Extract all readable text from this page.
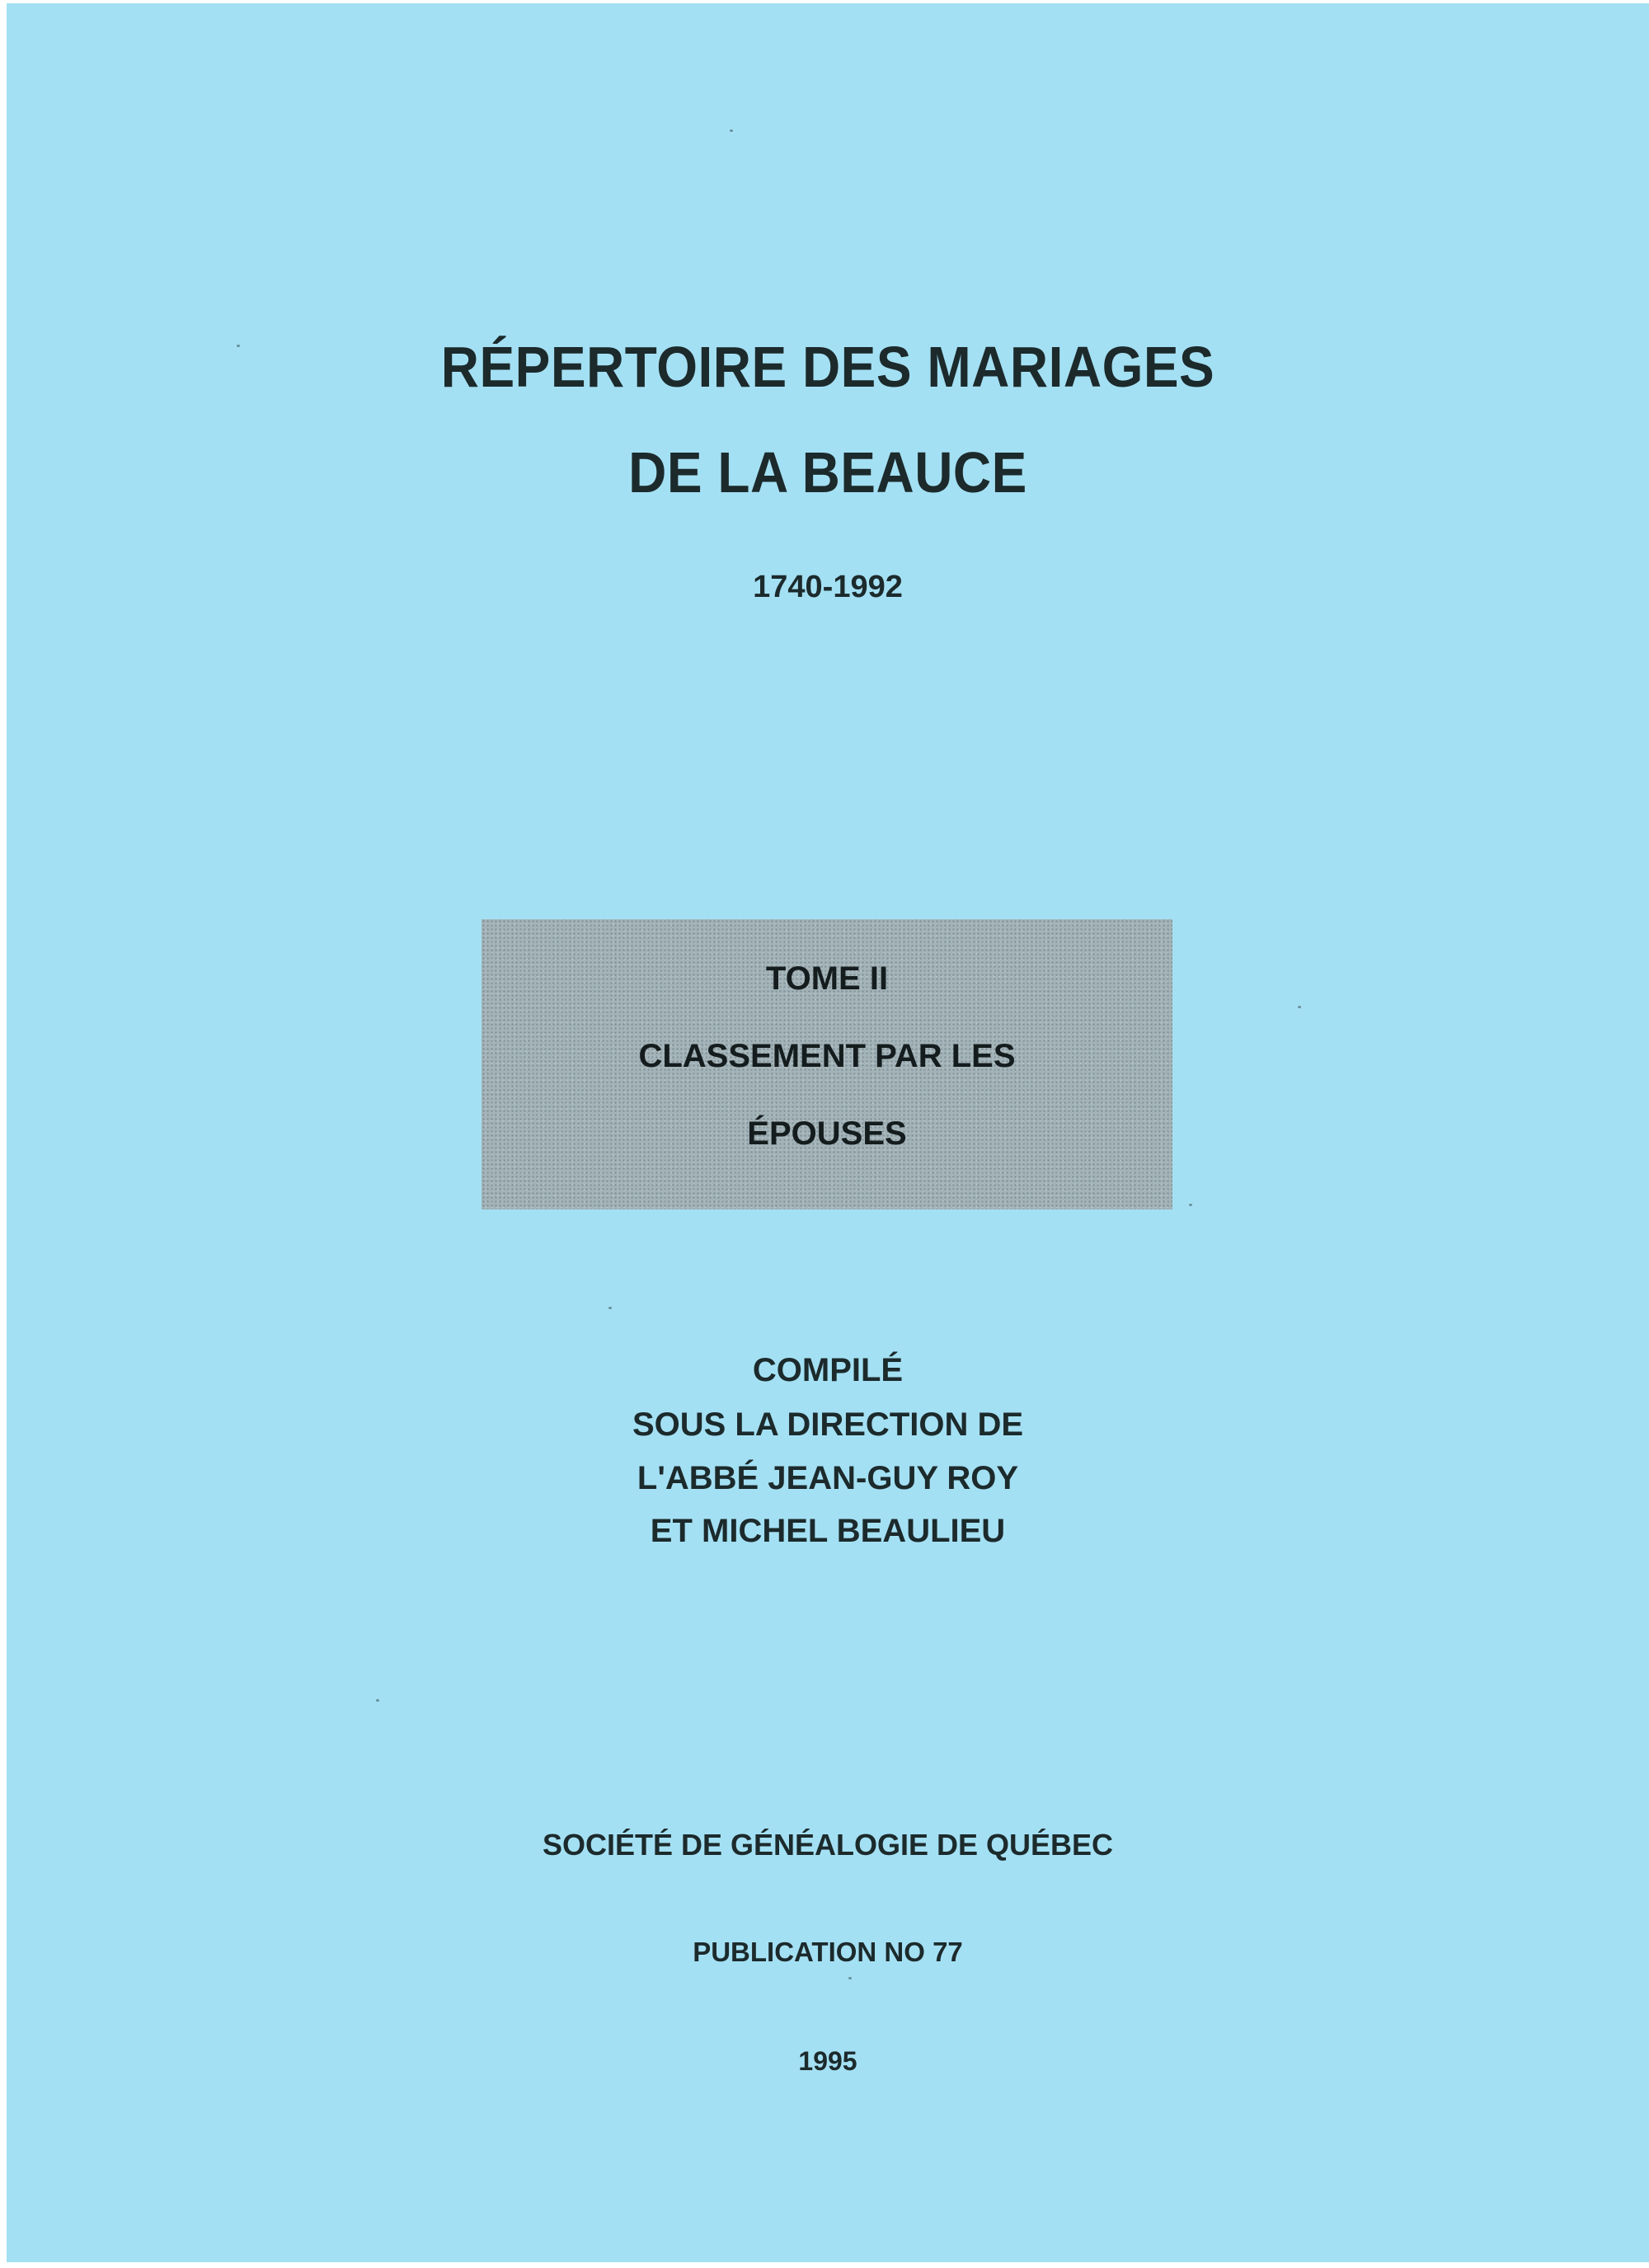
RÉPERTOIRE DES MARIAGES

DE LA BEAUCE

1740-1992

TOME II
CLASSEMENT PAR LES
ÉPOUSES

COMPILÉ

SOUS LA DIRECTION DE

L'ABBÉ JEAN-GUY ROY

ET MICHEL BEAULIEU

SOCIÉTÉ DE GÉNÉALOGIE DE QUÉBEC

PUBLICATION NO 77

1995
